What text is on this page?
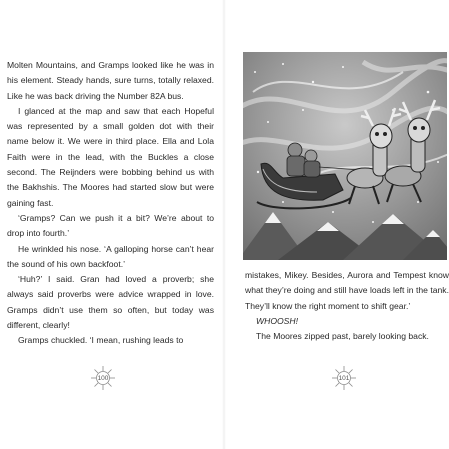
Molten Mountains, and Gramps looked like he was in his element. Steady hands, sure turns, totally relaxed. Like he was back driving the Number 82A bus.

I glanced at the map and saw that each Hopeful was represented by a small golden dot with their name below it. We were in third place. Ella and Lola Faith were in the lead, with the Buckles a close second. The Reijnders were bobbing behind us with the Bakhshis. The Moores had started slow but were gaining fast.

‘Gramps? Can we push it a bit? We’re about to drop into fourth.’

He wrinkled his nose. ‘A galloping horse can’t hear the sound of his own backfoot.’

‘Huh?’ I said. Gran had loved a proverb; she always said proverbs were advice wrapped in love. Gramps didn’t use them so often, but today was different, clearly!

Gramps chuckled. ‘I mean, rushing leads to

100

mistakes, Mikey. Besides, Aurora and Tempest know what they’re doing and still have loads left in the tank. They’ll know the right moment to shift gear.’

WHOOSH!

The Moores zipped past, barely looking back.

101
